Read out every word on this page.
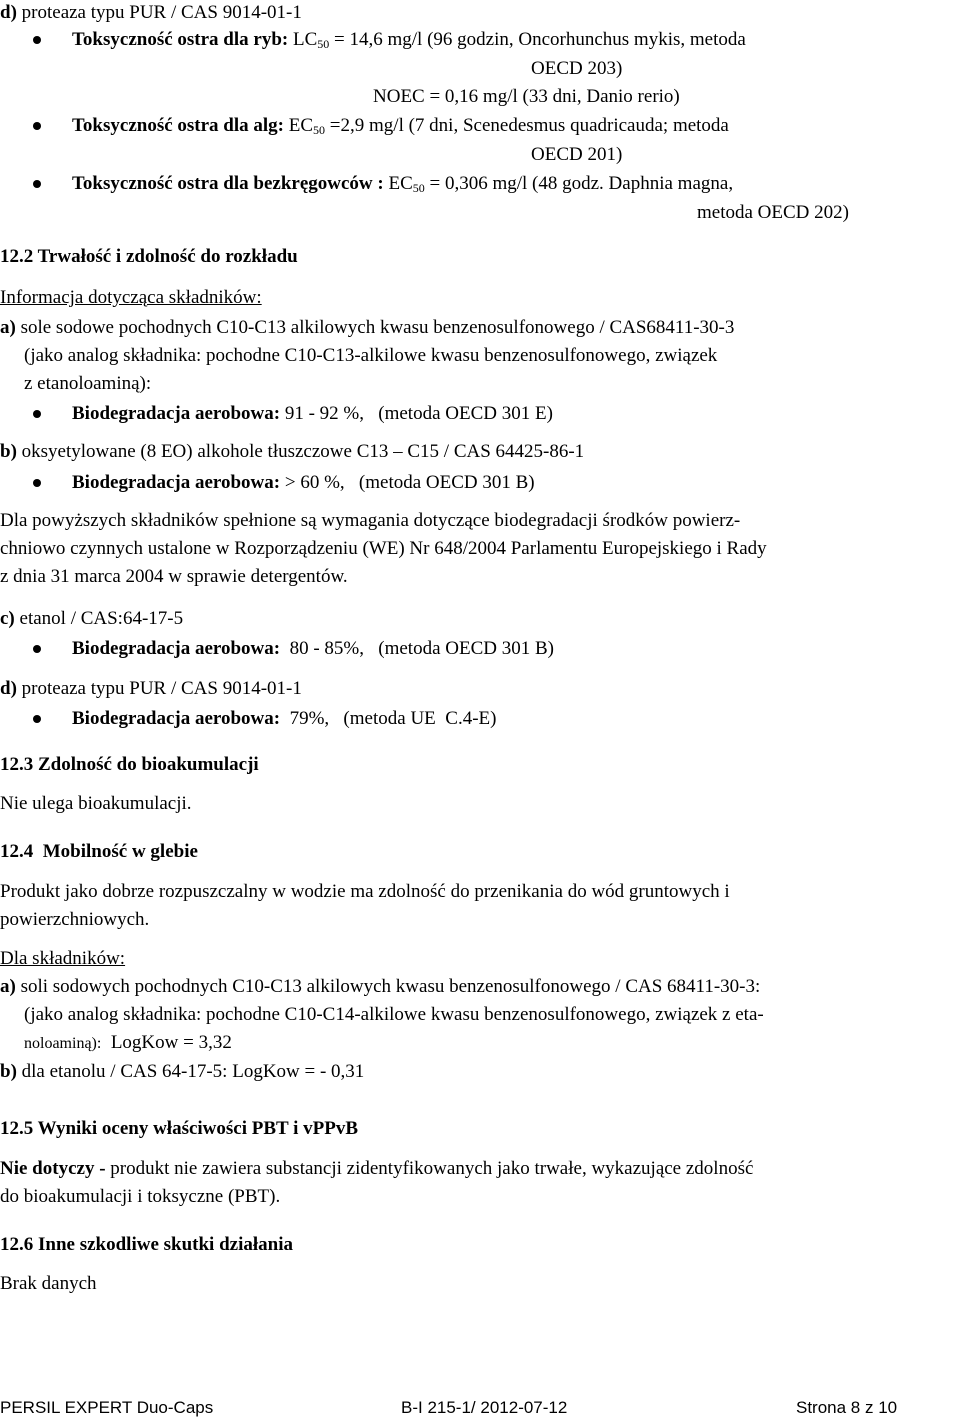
d) proteaza typu PUR / CAS 9014-01-1
Toksyczność ostra dla ryb: $LC_{50} = 14,6$ mg/l (96 godzin, Oncorhunchus mykis, metoda
OECD 203)
NOEC = 0,16 mg/l (33 dni, Danio rerio)
Toksyczność ostra dla alg: $EC_{50} =2,9$ mg/l (7 dni, Scenedesmus quadricauda; metoda
OECD 201)
Toksyczność ostra dla bezkręgowców : $EC_{50} = 0,306$ mg/l (48 godz. Daphnia magna,
metoda OECD 202)
12.2 Trwałość i zdolność do rozkładu
Informacja dotycząca składników:
a) sole sodowe pochodnych C10-C13 alkilowych kwasu benzenosulfonowego / CAS68411-30-3
(jako analog składnika: pochodne C10-C13-alkilowe kwasu benzenosulfonowego, związek
z etanoloaminą):
Biodegradacja aerobowa: 91 - 92 %,   (metoda OECD 301 E)
b) oksyetylowane (8 EO) alkohole tłuszczowe C13 – C15 / CAS 64425-86-1
Biodegradacja aerobowa: > 60 %,   (metoda OECD 301 B)
Dla powyższych składników spełnione są wymagania dotyczące biodegradacji środków powierz-
chniowo czynnych ustalone w Rozporządzeniu (WE) Nr 648/2004 Parlamentu Europejskiego i Rady
z dnia 31 marca 2004 w sprawie detergentów.
c) etanol / CAS:64-17-5
Biodegradacja aerobowa:  80 - 85%,   (metoda OECD 301 B)
d) proteaza typu PUR / CAS 9014-01-1
Biodegradacja aerobowa:  79%,   (metoda UE  C.4-E)
12.3 Zdolność do bioakumulacji
Nie ulega bioakumulacji.
12.4  Mobilność w glebie
Produkt jako dobrze rozpuszczalny w wodzie ma zdolność do przenikania do wód gruntowych i
powierzchniowych.
Dla składników:
a) soli sodowych pochodnych C10-C13 alkilowych kwasu benzenosulfonowego / CAS 68411-30-3:
(jako analog składnika: pochodne C10-C14-alkilowe kwasu benzenosulfonowego, związek z eta-
noloaminą):  LogKow = 3,32
b) dla etanolu / CAS 64-17-5: LogKow = - 0,31
12.5 Wyniki oceny właściwości PBT i vPPvB
Nie dotyczy - produkt nie zawiera substancji zidentyfikowanych jako trwałe, wykazujące zdolność
do bioakumulacji i toksyczne (PBT).
12.6 Inne szkodliwe skutki działania
Brak danych
PERSIL EXPERT Duo-Caps	B-I 215-1/ 2012-07-12	Strona 8 z 10
